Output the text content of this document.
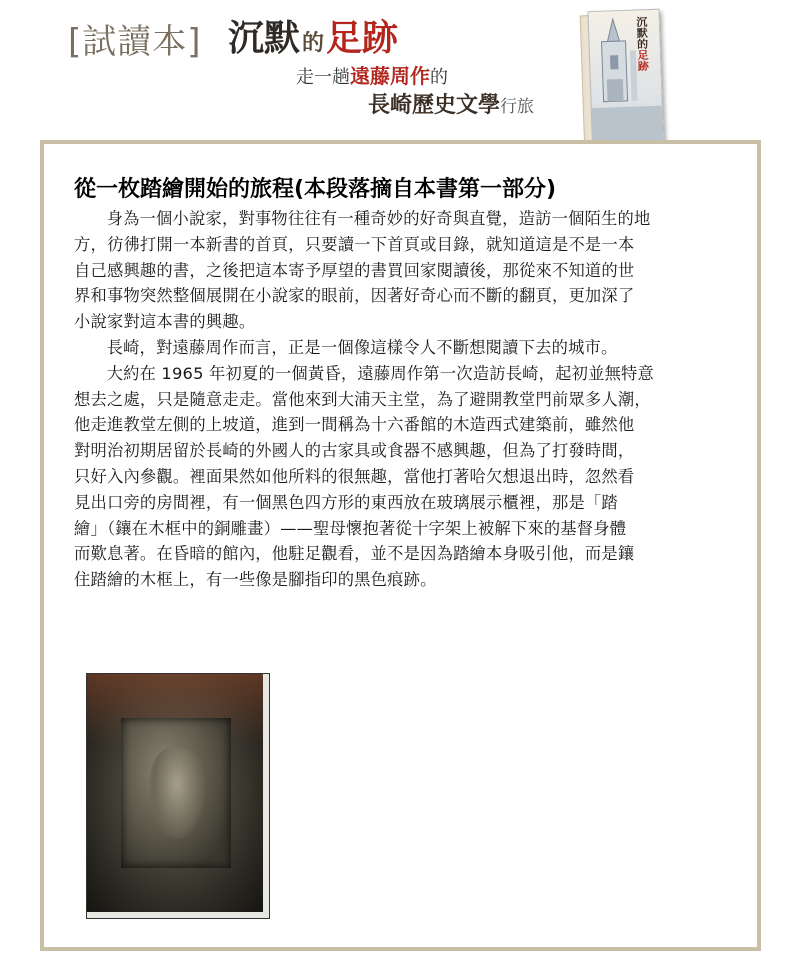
[試讀本] 沉默的足跡
走一趟遠藤周作的
長崎歷史文學行旅
沉默的足跡
從一枚踏繪開始的旅程(本段落摘自本書第一部分)

身為一個小說家，對事物往往有一種奇妙的好奇與直覺，造訪一個陌生的地
方，彷彿打開一本新書的首頁，只要讀一下首頁或目錄，就知道這是不是一本
自己感興趣的書，之後把這本寄予厚望的書買回家閱讀後，那從來不知道的世
界和事物突然整個展開在小說家的眼前，因著好奇心而不斷的翻頁，更加深了
小說家對這本書的興趣。

長崎，對遠藤周作而言，正是一個像這樣令人不斷想閱讀下去的城市。

大約在 1965 年初夏的一個黃昏，遠藤周作第一次造訪長崎，起初並無特意
想去之處，只是隨意走走。當他來到大浦天主堂，為了避開教堂門前眾多人潮，
他走進教堂左側的上坡道，進到一間稱為十六番館的木造西式建築前，雖然他
對明治初期居留於長崎的外國人的古家具或食器不感興趣，但為了打發時間，
只好入內參觀。裡面果然如他所料的很無趣，當他打著哈欠想退出時，忽然看
見出口旁的房間裡，有一個黑色四方形的東西放在玻璃展示櫃裡，那是「踏
繪」（鑲在木框中的銅雕畫）——聖母懷抱著從十字架上被解下來的基督身體
而歎息著。在昏暗的館內，他駐足觀看，並不是因為踏繪本身吸引他，而是鑲
住踏繪的木框上，有一些像是腳指印的黑色痕跡。
